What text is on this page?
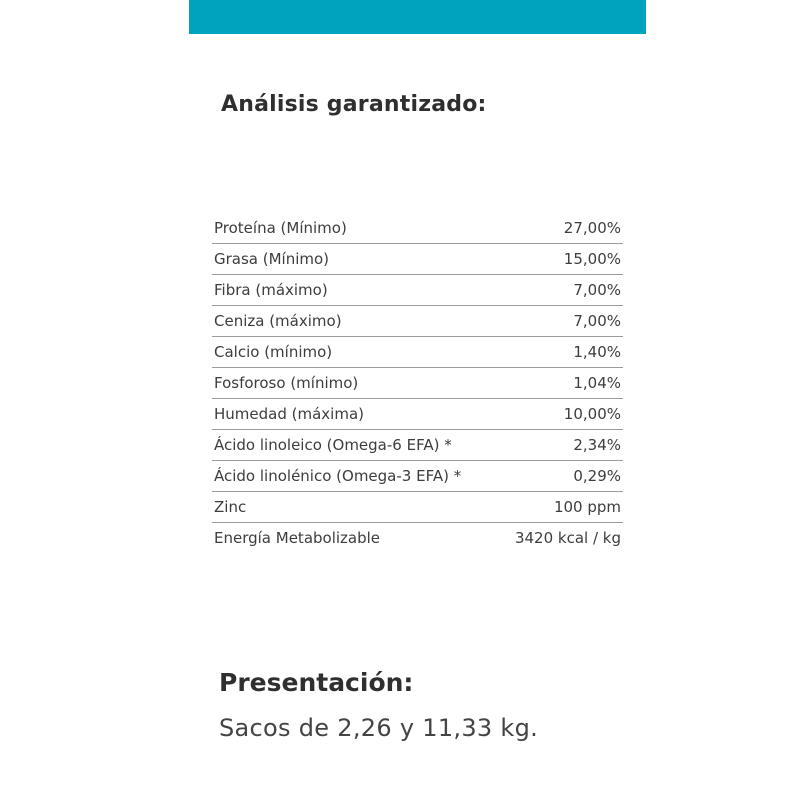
Análisis garantizado:
Proteína (Mínimo)	27,00%
Grasa (Mínimo)	15,00%
Fibra (máximo)	7,00%
Ceniza (máximo)	7,00%
Calcio (mínimo)	1,40%
Fosforoso (mínimo)	1,04%
Humedad (máxima)	10,00%
Ácido linoleico (Omega-6 EFA) *	2,34%
Ácido linolénico (Omega-3 EFA) *	0,29%
Zinc	100 ppm
Energía Metabolizable	3420 kcal / kg
Presentación:

Sacos de 2,26 y 11,33 kg.
